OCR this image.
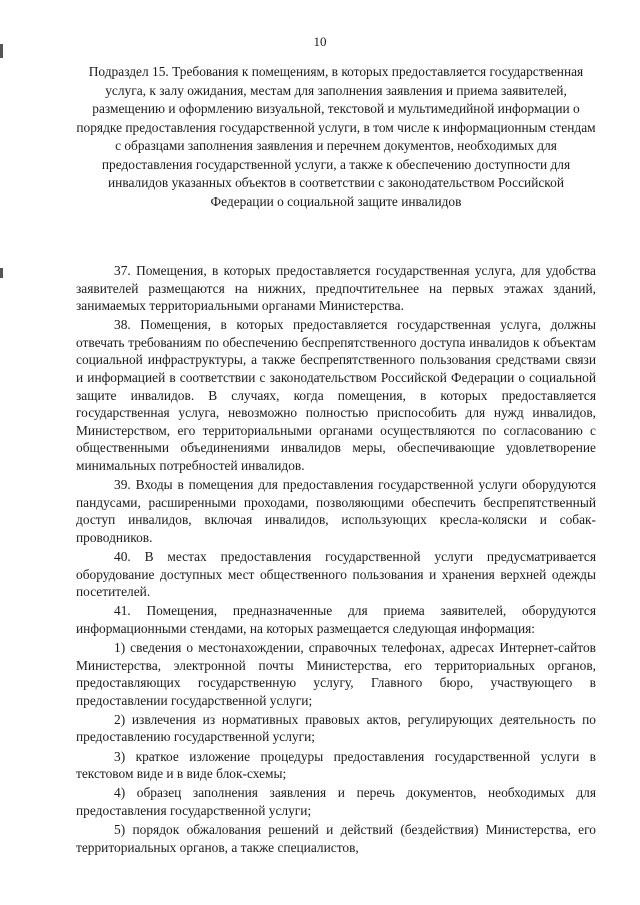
10
Подраздел 15. Требования к помещениям, в которых предоставляется государственная услуга, к залу ожидания, местам для заполнения заявления и приема заявителей, размещению и оформлению визуальной, текстовой и мультимедийной информации о порядке предоставления государственной услуги, в том числе к информационным стендам с образцами заполнения заявления и перечнем документов, необходимых для предоставления государственной услуги, а также к обеспечению доступности для инвалидов указанных объектов в соответствии с законодательством Российской Федерации о социальной защите инвалидов

37. Помещения, в которых предоставляется государственная услуга, для удобства заявителей размещаются на нижних, предпочтительнее на первых этажах зданий, занимаемых территориальными органами Министерства.

38. Помещения, в которых предоставляется государственная услуга, должны отвечать требованиям по обеспечению беспрепятственного доступа инвалидов к объектам социальной инфраструктуры, а также беспрепятственного пользования средствами связи и информацией в соответствии с законодательством Российской Федерации о социальной защите инвалидов. В случаях, когда помещения, в которых предоставляется государственная услуга, невозможно полностью приспособить для нужд инвалидов, Министерством, его территориальными органами осуществляются по согласованию с общественными объединениями инвалидов меры, обеспечивающие удовлетворение минимальных потребностей инвалидов.

39. Входы в помещения для предоставления государственной услуги оборудуются пандусами, расширенными проходами, позволяющими обеспечить беспрепятственный доступ инвалидов, включая инвалидов, использующих кресла-коляски и собак-проводников.

40. В местах предоставления государственной услуги предусматривается оборудование доступных мест общественного пользования и хранения верхней одежды посетителей.

41. Помещения, предназначенные для приема заявителей, оборудуются информационными стендами, на которых размещается следующая информация:

1) сведения о местонахождении, справочных телефонах, адресах Интернет-сайтов Министерства, электронной почты Министерства, его территориальных органов, предоставляющих государственную услугу, Главного бюро, участвующего в предоставлении государственной услуги;

2) извлечения из нормативных правовых актов, регулирующих деятельность по предоставлению государственной услуги;

3) краткое изложение процедуры предоставления государственной услуги в текстовом виде и в виде блок-схемы;

4) образец заполнения заявления и перечь документов, необходимых для предоставления государственной услуги;

5) порядок обжалования решений и действий (бездействия) Министерства, его территориальных органов, а также специалистов,
